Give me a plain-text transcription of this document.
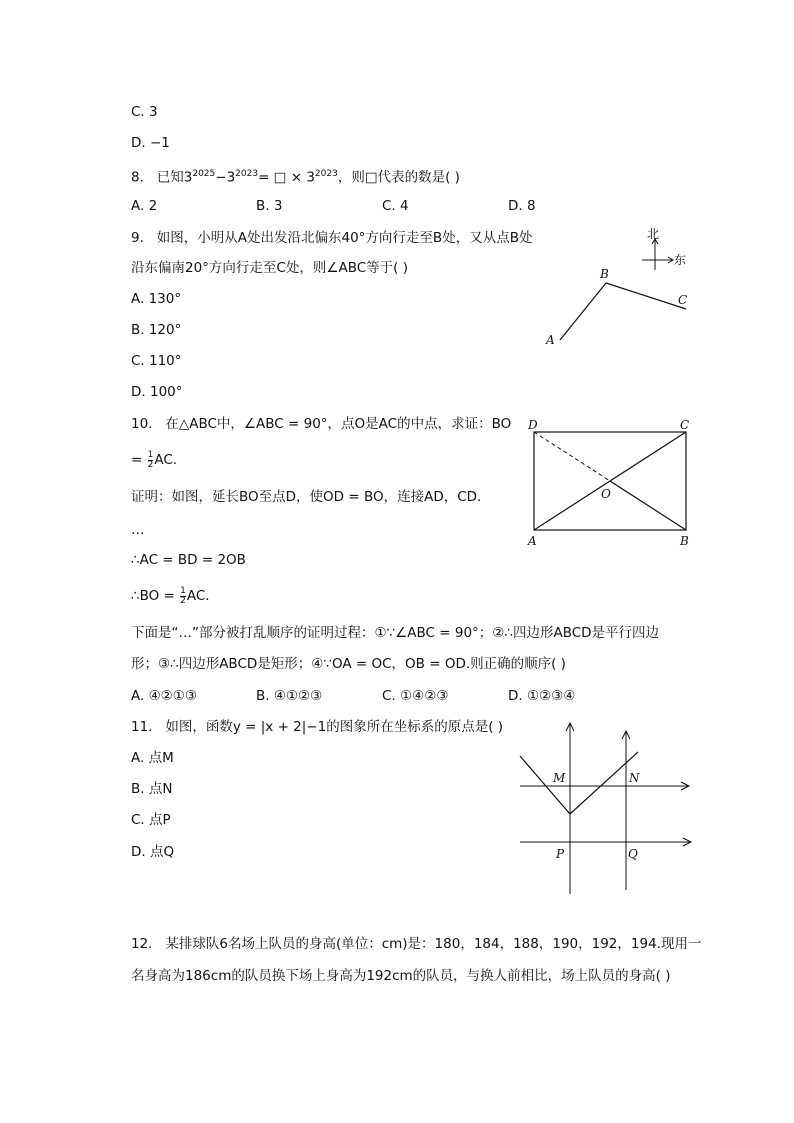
C. 3
D. −1
8. 已知$3^{2025}-3^{2023}=$ □ × $3^{2023}$，则□代表的数是( )
A. 2	B. 3	C. 4	D. 8
9. 如图，小明从A处出发沿北偏东40°方向行走至B处，又从点B处
沿东偏南20°方向行走至C处，则∠ABC等于( )
A. 130°
B. 120°
C. 110°
D. 100°
北
东
A
B
C
10. 在△ABC中，∠ABC = 90°，点O是AC的中点，求证：BO
= $\frac{1}{2}$ AC.
证明：如图，延长BO至点D，使OD = BO，连接AD，CD.
…
∴AC = BD = 2OB
∴BO = $\frac{1}{2}$ AC.
下面是“…”部分被打乱顺序的证明过程：①∵∠ABC = 90°；②∴四边形ABCD是平行四边
形；③∴四边形ABCD是矩形；④∵OA = OC，OB = OD.则正确的顺序( )
A. ④②①③	B. ④①②③	C. ①④②③	D. ①②③④
D	C
O
A	B
11. 如图，函数y = |x + 2|−1的图象所在坐标系的原点是( )
A. 点M
B. 点N
C. 点P
D. 点Q
M	N
P	Q
12. 某排球队6名场上队员的身高(单位：cm)是：180，184，188，190，192，194.现用一
名身高为186cm的队员换下场上身高为192cm的队员，与换人前相比，场上队员的身高( )
